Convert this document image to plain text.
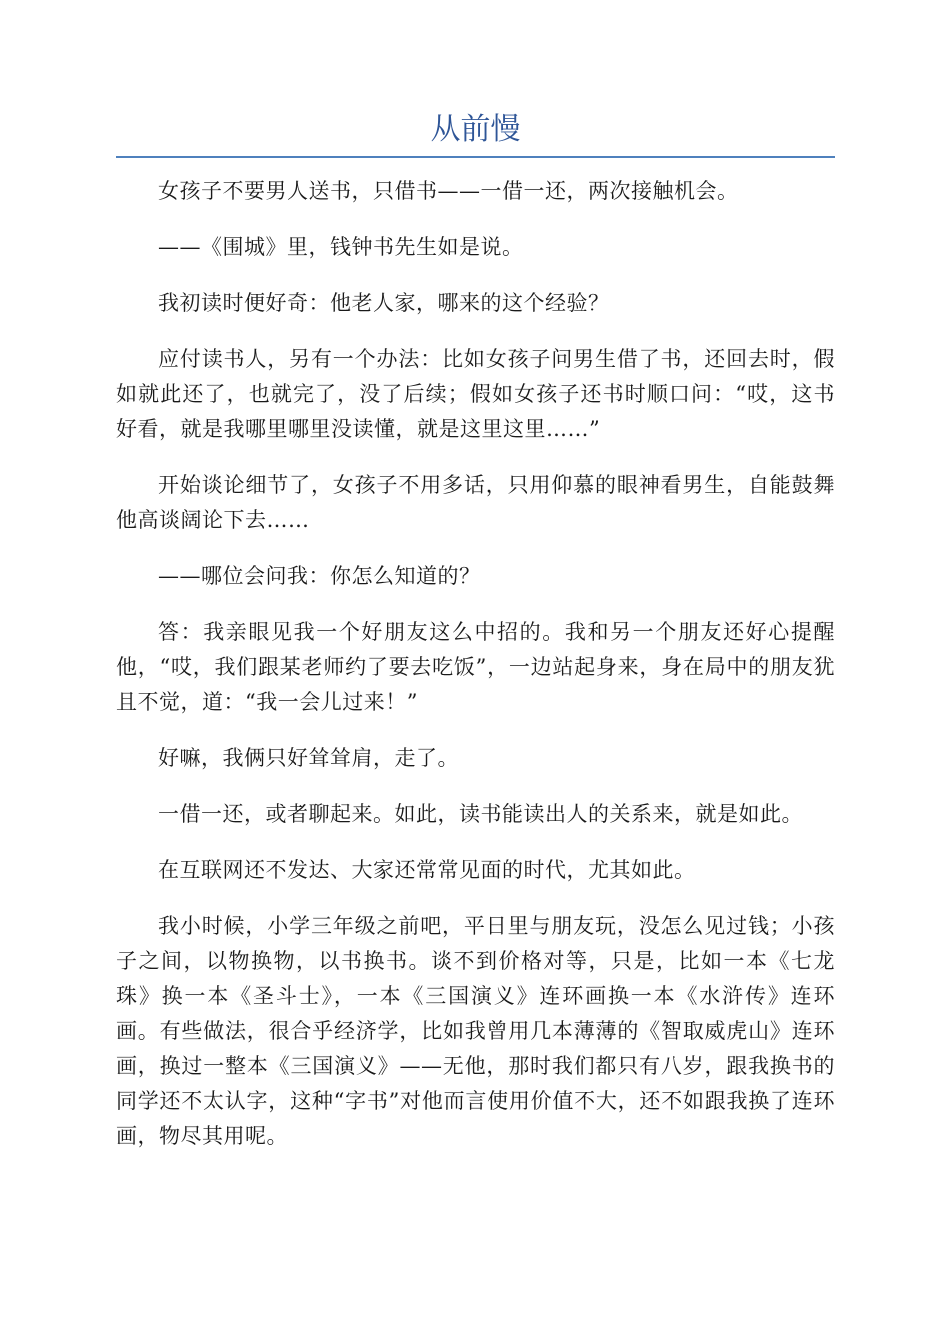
从前慢

女孩子不要男人送书，只借书——一借一还，两次接触机会。

——《围城》里，钱钟书先生如是说。

我初读时便好奇：他老人家，哪来的这个经验？

应付读书人，另有一个办法：比如女孩子问男生借了书，还回去时，假如就此还了，也就完了，没了后续；假如女孩子还书时顺口问：“哎，这书好看，就是我哪里哪里没读懂，就是这里这里……”

开始谈论细节了，女孩子不用多话，只用仰慕的眼神看男生，自能鼓舞他高谈阔论下去……

——哪位会问我：你怎么知道的？

答：我亲眼见我一个好朋友这么中招的。我和另一个朋友还好心提醒他，“哎，我们跟某老师约了要去吃饭”，一边站起身来，身在局中的朋友犹且不觉，道：“我一会儿过来！”

好嘛，我俩只好耸耸肩，走了。

一借一还，或者聊起来。如此，读书能读出人的关系来，就是如此。

在互联网还不发达、大家还常常见面的时代，尤其如此。

我小时候，小学三年级之前吧，平日里与朋友玩，没怎么见过钱；小孩子之间，以物换物，以书换书。谈不到价格对等，只是，比如一本《七龙珠》换一本《圣斗士》，一本《三国演义》连环画换一本《水浒传》连环画。有些做法，很合乎经济学，比如我曾用几本薄薄的《智取威虎山》连环画，换过一整本《三国演义》——无他，那时我们都只有八岁，跟我换书的同学还不太认字，这种“字书”对他而言使用价值不大，还不如跟我换了连环画，物尽其用呢。
